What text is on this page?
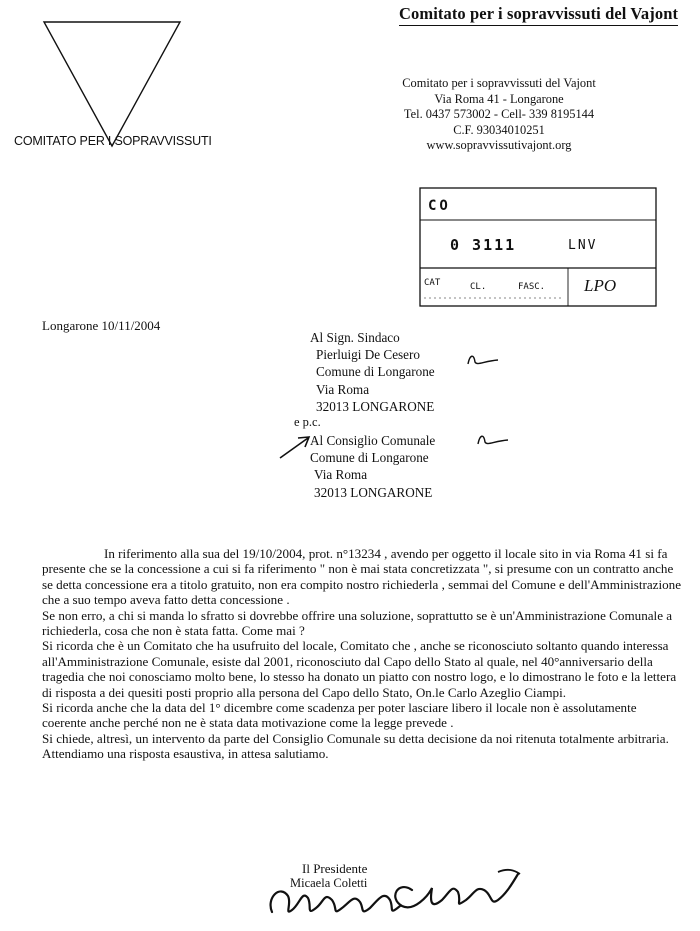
Comitato per i sopravvissuti del Vajont
COMITATO PER I SOPRAVVISSUTI
Comitato per i sopravvissuti del Vajont
Via Roma 41 - Longarone
Tel. 0437 573002 - Cell- 339 8195144
C.F. 93034010251
www.sopravvissutivajont.org
CO
0 3111	LNV
CAT	CL.	FASC. LPO
Longarone 10/11/2004
Al Sign. Sindaco
Pierluigi De Cesero
Comune di Longarone
Via Roma
32013 LONGARONE
e p.c.
Al Consiglio Comunale
Comune di Longarone
Via Roma
32013 LONGARONE

In riferimento alla sua del 19/10/2004, prot. n°13234 , avendo per oggetto il locale sito in via Roma 41 si fa presente che se la concessione a cui si fa riferimento " non è mai stata concretizzata ", si presume con un contratto anche se detta concessione era a titolo gratuito, non era compito nostro richiederla , semmai del Comune e dell'Amministrazione che a suo tempo aveva fatto detta concessione .

Se non erro, a chi si manda lo sfratto si dovrebbe offrire una soluzione, soprattutto se è un'Amministrazione Comunale a richiederla, cosa che non è stata fatta. Come mai ?

Si ricorda che è un Comitato che ha usufruito del locale, Comitato che , anche se riconosciuto soltanto quando interessa all'Amministrazione Comunale, esiste dal 2001, riconosciuto dal Capo dello Stato al quale, nel 40°anniversario della tragedia che noi conosciamo molto bene, lo stesso ha donato un piatto con nostro logo, e lo dimostrano le foto e la lettera di risposta a dei quesiti posti proprio alla persona del Capo dello Stato, On.le Carlo Azeglio Ciampi.

Si ricorda anche che la data del 1° dicembre come scadenza per poter lasciare libero il locale non è assolutamente coerente anche perché non ne è stata data motivazione come la legge prevede .

Si chiede, altresì, un intervento da parte del Consiglio Comunale su detta decisione da noi ritenuta totalmente arbitraria.

Attendiamo una risposta esaustiva, in attesa salutiamo.

Il Presidente
Micaela Coletti
